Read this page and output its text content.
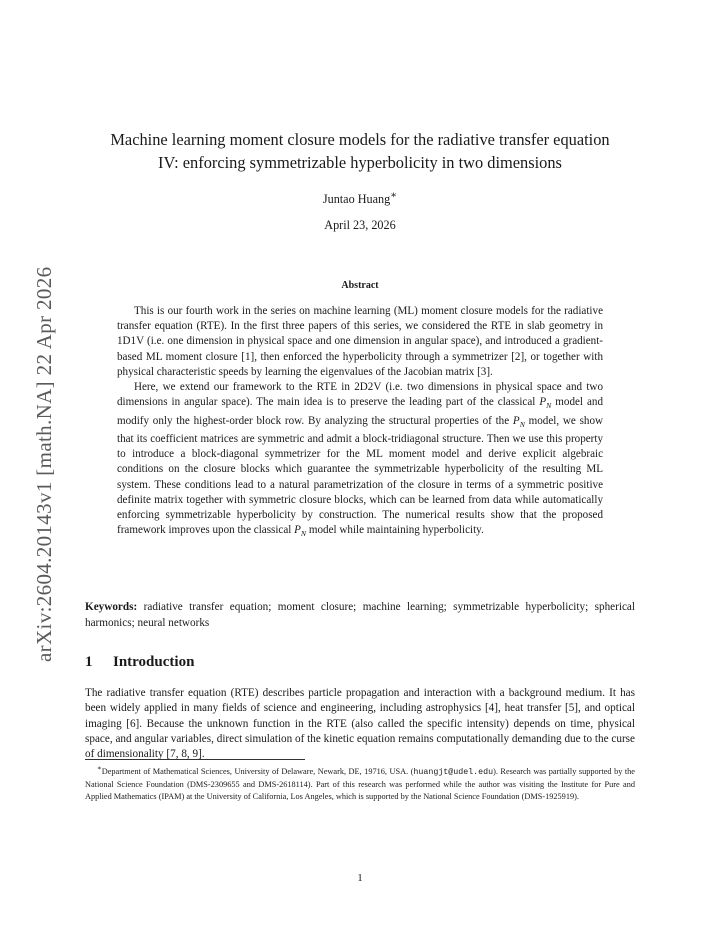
arXiv:2604.20143v1 [math.NA] 22 Apr 2026
Machine learning moment closure models for the radiative transfer equation
IV: enforcing symmetrizable hyperbolicity in two dimensions
Juntao Huang∗
April 23, 2026
Abstract

This is our fourth work in the series on machine learning (ML) moment closure models for the radiative transfer equation (RTE). In the first three papers of this series, we considered the RTE in slab geometry in 1D1V (i.e. one dimension in physical space and one dimension in angular space), and introduced a gradient-based ML moment closure [1], then enforced the hyperbolicity through a symmetrizer [2], or together with physical characteristic speeds by learning the eigenvalues of the Jacobian matrix [3].

Here, we extend our framework to the RTE in 2D2V (i.e. two dimensions in physical space and two dimensions in angular space). The main idea is to preserve the leading part of the classical $P_N$ model and modify only the highest-order block row. By analyzing the structural properties of the $P_N$ model, we show that its coefficient matrices are symmetric and admit a block-tridiagonal structure. Then we use this property to introduce a block-diagonal symmetrizer for the ML moment model and derive explicit algebraic conditions on the closure blocks which guarantee the symmetrizable hyperbolicity of the resulting ML system. These conditions lead to a natural parametrization of the closure in terms of a symmetric positive definite matrix together with symmetric closure blocks, which can be learned from data while automatically enforcing symmetrizable hyperbolicity by construction. The numerical results show that the proposed framework improves upon the classical $P_N$ model while maintaining hyperbolicity.

Keywords: radiative transfer equation; moment closure; machine learning; symmetrizable hyperbolicity; spherical harmonics; neural networks
1 Introduction

The radiative transfer equation (RTE) describes particle propagation and interaction with a background medium. It has been widely applied in many fields of science and engineering, including astrophysics [4], heat transfer [5], and optical imaging [6]. Because the unknown function in the RTE (also called the specific intensity) depends on time, physical space, and angular variables, direct simulation of the kinetic equation remains computationally demanding due to the curse of dimensionality [7, 8, 9].

∗Department of Mathematical Sciences, University of Delaware, Newark, DE, 19716, USA. (huangjt@udel.edu). Research was partially supported by the National Science Foundation (DMS-2309655 and DMS-2618114). Part of this research was performed while the author was visiting the Institute for Pure and Applied Mathematics (IPAM) at the University of California, Los Angeles, which is supported by the National Science Foundation (DMS-1925919).

1
